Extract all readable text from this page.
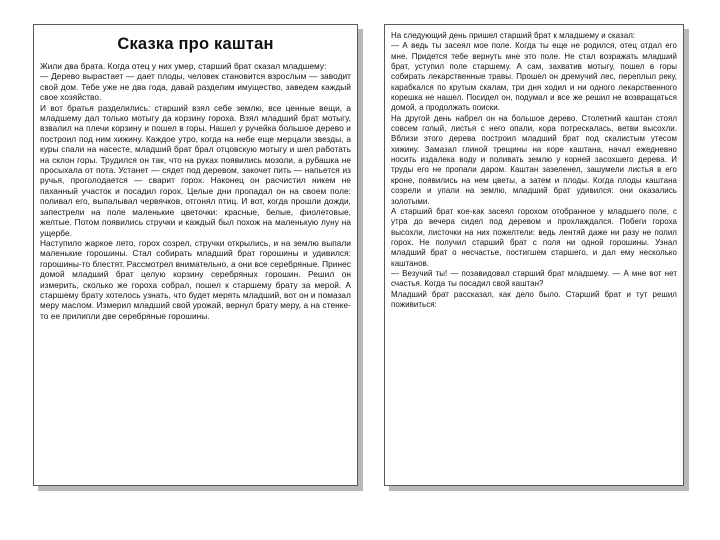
Сказка про каштан

Жили два брата. Когда отец у них умер, старший брат сказал младшему:

— Дерево вырастает — дает плоды, человек становится взрослым — заводит свой дом. Тебе уже не два года, давай разделим имущество, заведем каждый свое хозяйство.

И вот братья разделились: старший взял себе землю, все ценные вещи, а младшему дал только мотыгу да корзину гороха. Взял младший брат мотыгу, взвалил на плечи корзину и пошел в горы. Нашел у ручейка большое дерево и построил под ним хижину. Каждое утро, когда на небе еще мерцали звезды, а куры спали на насесте, младший брат брал отцовскую мотыгу и шел работать на склон горы. Трудился он так, что на руках появились мозоли, а рубашка не просыхала от пота. Устанет — сядет под деревом, закочет пить — напьется из ручья, проголодается — сварит горох. Наконец он расчистил никем не паханный участок и посадил горох. Целые дни пропадал он на своем поле: поливал его, выпалывал червячков, отгонял птиц. И вот, когда прошли дожди, запестрели на поле маленькие цветочки: красные, белые, фиолетовые, желтые. Потом появились стручки и каждый был похож на маленькую луну на ущербе.

Наступило жаркое лето, горох созрел, стручки открылись, и на землю выпали маленькие горошины. Стал собирать младший брат горошины и удивился: горошины-то блестят. Рассмотрел внимательно, а они все серебряные. Принес домой младший брат целую корзину серебряных горошин. Решил он измерить, сколько же гороха собрал, пошел к старшему брату за мерой. А старшему брату хотелось узнать, что будет мерять младший, вот он и помазал меру маслом. Измерил младший свой урожай, вернул брату меру, а на стенке-то ее прилипли две серебряные горошины.

На следующий день пришел старший брат к младшему и сказал:

— А ведь ты засеял мое поле. Когда ты еще не родился, отец отдал его мне. Придется тебе вернуть мне это поле. Не стал возражать младший брат, уступил поле старшему. А сам, захватив мотыгу, пошел в горы собирать лекарственные травы. Прошел он дремучий лес, переплыл реку, карабкался по крутым скалам, три дня ходил и ни одного лекарственного корешка не нашел. Посидел он, подумал и все же решил не возвращаться домой, а продолжать поиски.

На другой день набрел он на большое дерево. Столетний каштан стоял совсем голый, листья с него опали, кора потрескалась, ветви высохли. Вблизи этого дерева построил младший брат под скалистым утесом хижину. Замазал глиной трещины на коре каштана, начал ежедневно носить издалека воду и поливать землю у корней засохшего дерева. И труды его не пропали даром. Каштан зазеленел, зашумели листья в его кроне, появились на нем цветы, а затем и плоды. Когда плоды каштана созрели и упали на землю, младший брат удивился: они оказались золотыми.

А старший брат кое-как засеял горохом отобранное у младшего поле, с утра до вечера сидел под деревом и прохлаждался. Побеги гороха высохли, листочки на них пожелтели: ведь лентяй даже ни разу не полил горох. Не получил старший брат с поля ни одной горошины. Узнал младший брат о несчастье, постигшем старшего, и дал ему несколько каштанов.

— Везучий ты! — позавидовал старший брат младшему. — А мне вот нет счастья. Когда ты посадил свой каштан?

Младший брат рассказал, как дело было. Старший брат и тут решил поживиться:
